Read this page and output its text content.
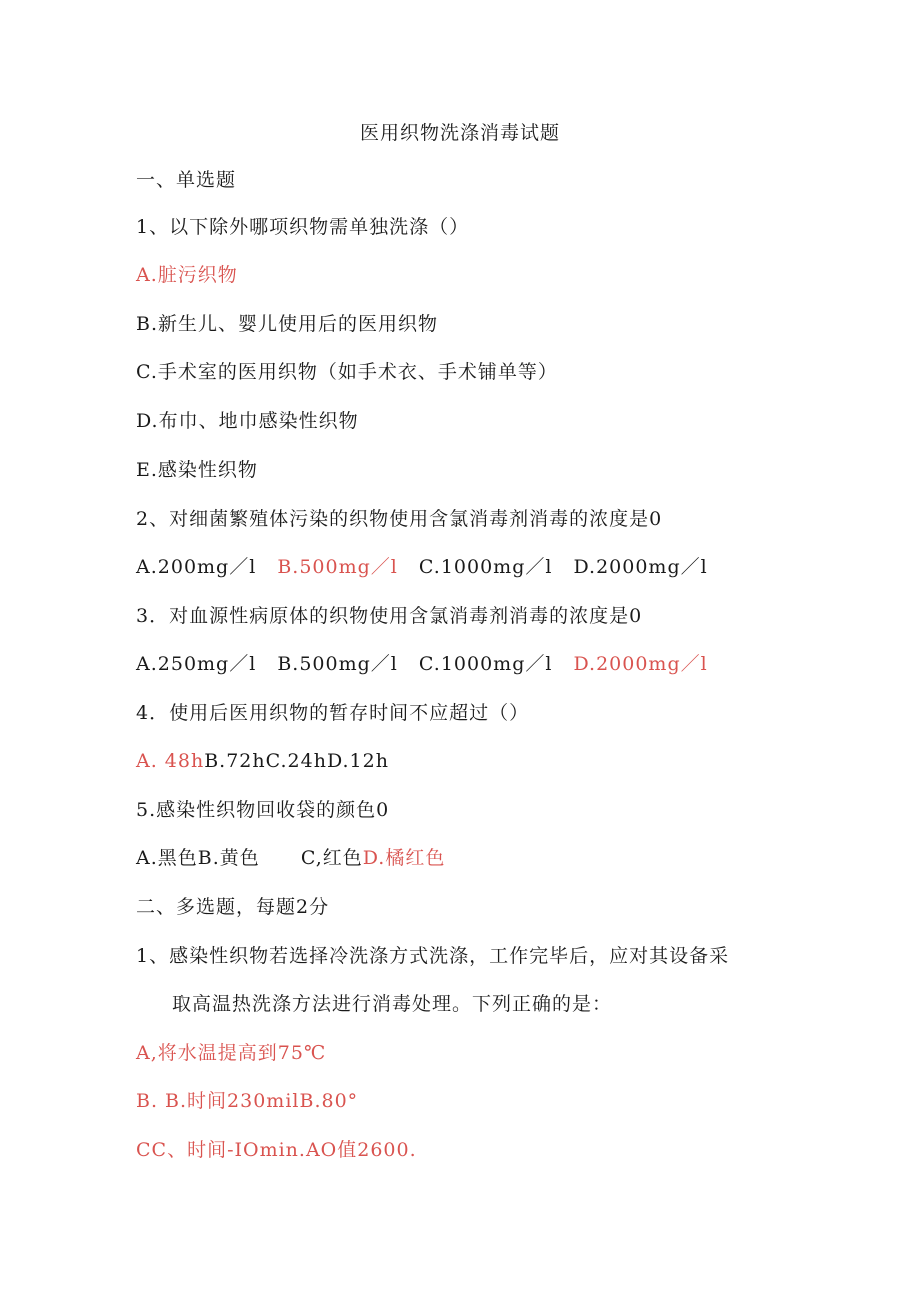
医用织物洗涤消毒试题
一、单选题
1、以下除外哪项织物需单独洗涤（）
A.脏污织物
B.新生儿、婴儿使用后的医用织物
C.手术室的医用织物（如手术衣、手术铺单等）
D.布巾、地巾感染性织物
E.感染性织物
2、对细菌繁殖体污染的织物使用含氯消毒剂消毒的浓度是0
A.200mg／l B.500mg／l C.1000mg／l D.2000mg／l
3．对血源性病原体的织物使用含氯消毒剂消毒的浓度是0
A.250mg／l B.500mg／l C.1000mg／l D.2000mg／l
4．使用后医用织物的暂存时间不应超过（）
A. 48hB.72hC.24hD.12h
5.感染性织物回收袋的颜色0
A.黑色B.黄色 C,红色D.橘红色
二、多选题，每题2分
1、感染性织物若选择冷洗涤方式洗涤，工作完毕后，应对其设备采
取高温热洗涤方法进行消毒处理。下列正确的是：
A,将水温提高到75℃
B. B.时间230milB.80°
CC、时间-IOmin.AO值2600.
